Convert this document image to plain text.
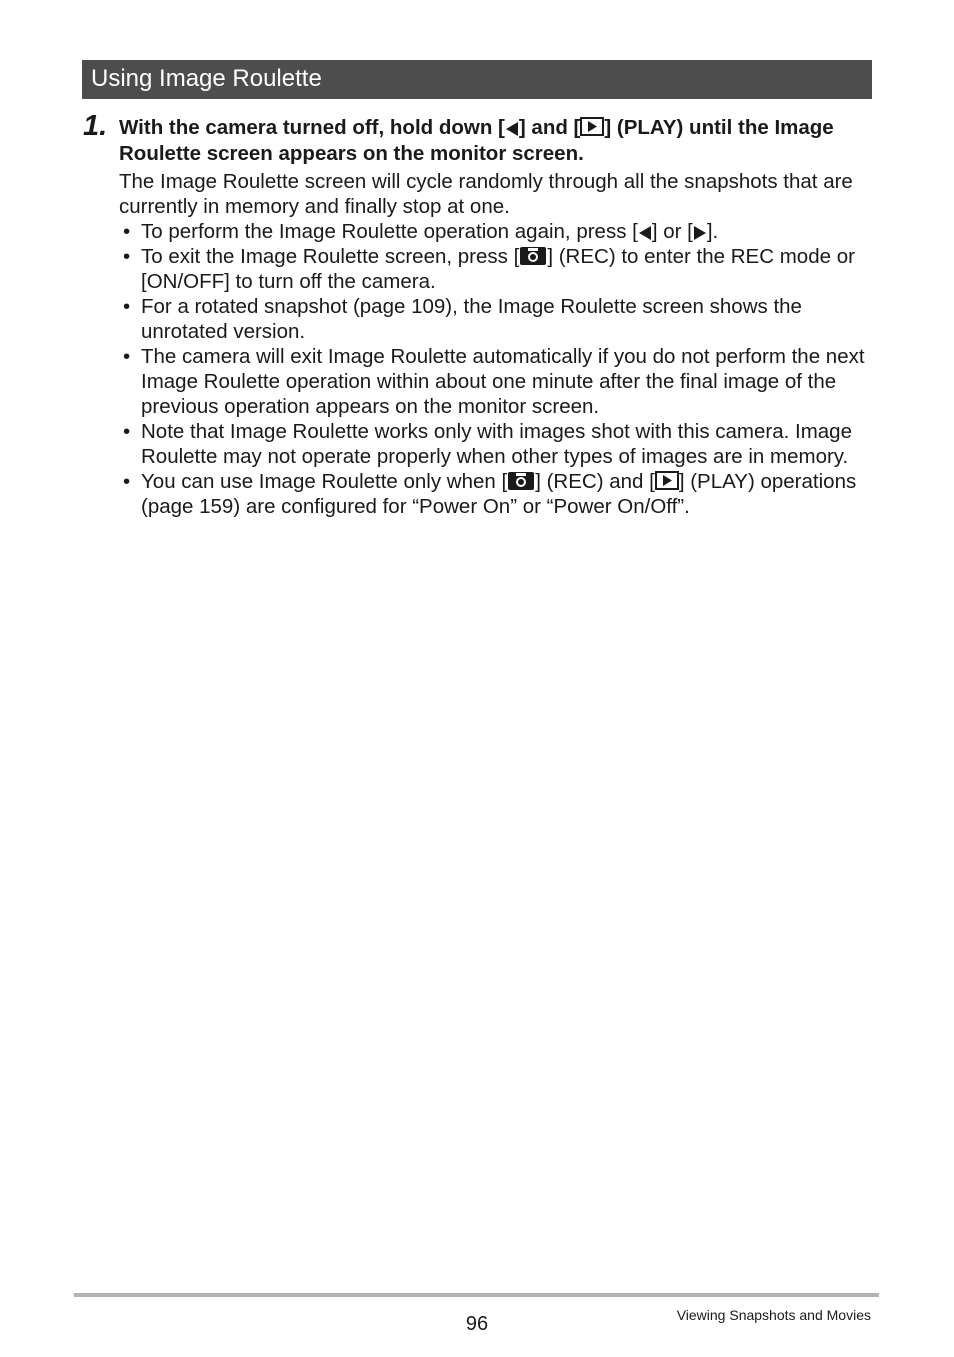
Using Image Roulette
1. With the camera turned off, hold down [ ] and [ ] (PLAY) until the Image Roulette screen appears on the monitor screen.
The Image Roulette screen will cycle randomly through all the snapshots that are currently in memory and finally stop at one.
• To perform the Image Roulette operation again, press [ ] or [ ].
• To exit the Image Roulette screen, press [ ] (REC) to enter the REC mode or [ON/OFF] to turn off the camera.
• For a rotated snapshot (page 109), the Image Roulette screen shows the unrotated version.
• The camera will exit Image Roulette automatically if you do not perform the next Image Roulette operation within about one minute after the final image of the previous operation appears on the monitor screen.
• Note that Image Roulette works only with images shot with this camera. Image Roulette may not operate properly when other types of images are in memory.
• You can use Image Roulette only when [ ] (REC) and [ ] (PLAY) operations (page 159) are configured for “Power On” or “Power On/Off”.
96	Viewing Snapshots and Movies
